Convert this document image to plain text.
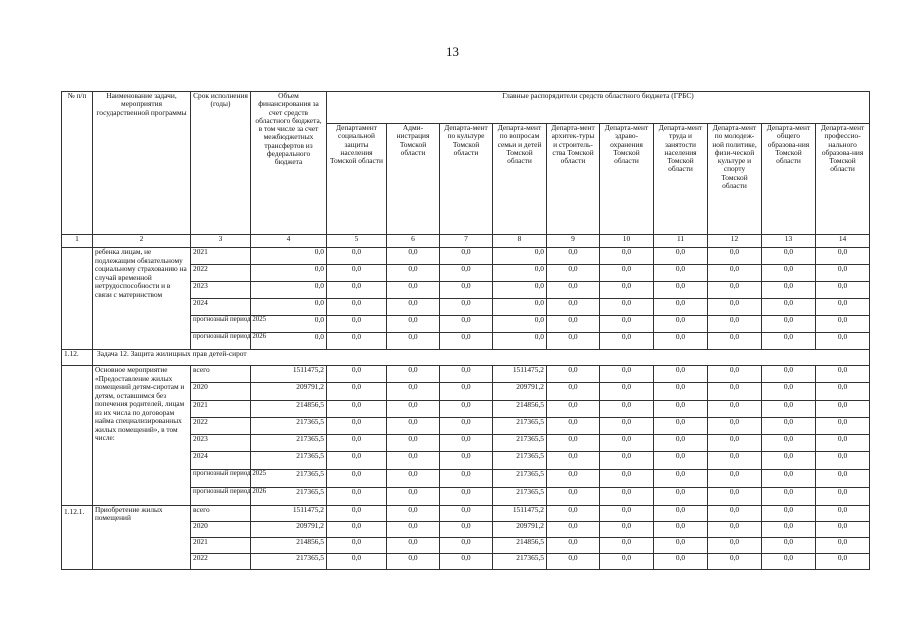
13
№ п/п	Наименование задачи, мероприятия государственной программы	Срок исполнения (годы)	Объем финансирования за счет средств областного бюджета, в том числе за счет межбюджетных трансфертов из федерального бюджета	Главные распорядители средств областного бюджета (ГРБС)									
				Департамент социальной защиты населения Томской области	Адми-нистрация Томской области	Департа-мент по культуре Томской области	Департа-мент по вопросам семьи и детей Томской области	Департа-мент архитек-туры и строитель-ства Томской области	Департа-мент здраво-охранения Томской области	Департа-мент труда и занятости населения Томской области	Департа-мент по молодеж-ной политике, физи-ческой культуре и спорту Томской области	Департа-мент общего образова-ния Томской области	Департа-мент профессио-нального образова-ния Томской области
1	2	3	4	5	6	7	8	9	10	11	12	13	14
	ребенка лицам, не подлежащим обязательному социальному страхованию на случай временной нетрудоспособности и в связи с материнством	2021	0,0	0,0	0,0	0,0	0,0	0,0	0,0	0,0	0,0	0,0	0,0
		2022	0,0	0,0	0,0	0,0	0,0	0,0	0,0	0,0	0,0	0,0	0,0
		2023	0,0	0,0	0,0	0,0	0,0	0,0	0,0	0,0	0,0	0,0	0,0
		2024	0,0	0,0	0,0	0,0	0,0	0,0	0,0	0,0	0,0	0,0	0,0
		прогнозный период 2025	0,0	0,0	0,0	0,0	0,0	0,0	0,0	0,0	0,0	0,0	0,0
		прогнозный период 2026	0,0	0,0	0,0	0,0	0,0	0,0	0,0	0,0	0,0	0,0	0,0
1.12.	Задача 12. Защита жилищных прав детей-сирот												
	Основное мероприятие «Предоставление жилых помещений детям-сиротам и детям, оставшимся без попечения родителей, лицам из их числа по договорам найма специализированных жилых помещений», в том числе:	всего	1511475,2	0,0	0,0	0,0	1511475,2	0,0	0,0	0,0	0,0	0,0	0,0
		2020	209791,2	0,0	0,0	0,0	209791,2	0,0	0,0	0,0	0,0	0,0	0,0
		2021	214856,5	0,0	0,0	0,0	214856,5	0,0	0,0	0,0	0,0	0,0	0,0
		2022	217365,5	0,0	0,0	0,0	217365,5	0,0	0,0	0,0	0,0	0,0	0,0
		2023	217365,5	0,0	0,0	0,0	217365,5	0,0	0,0	0,0	0,0	0,0	0,0
		2024	217365,5	0,0	0,0	0,0	217365,5	0,0	0,0	0,0	0,0	0,0	0,0
		прогнозный период 2025	217365,5	0,0	0,0	0,0	217365,5	0,0	0,0	0,0	0,0	0,0	0,0
		прогнозный период 2026	217365,5	0,0	0,0	0,0	217365,5	0,0	0,0	0,0	0,0	0,0	0,0
1.12.1.	Приобретение жилых помещений	всего	1511475,2	0,0	0,0	0,0	1511475,2	0,0	0,0	0,0	0,0	0,0	0,0
		2020	209791,2	0,0	0,0	0,0	209791,2	0,0	0,0	0,0	0,0	0,0	0,0
		2021	214856,5	0,0	0,0	0,0	214856,5	0,0	0,0	0,0	0,0	0,0	0,0
		2022	217365,5	0,0	0,0	0,0	217365,5	0,0	0,0	0,0	0,0	0,0	0,0
